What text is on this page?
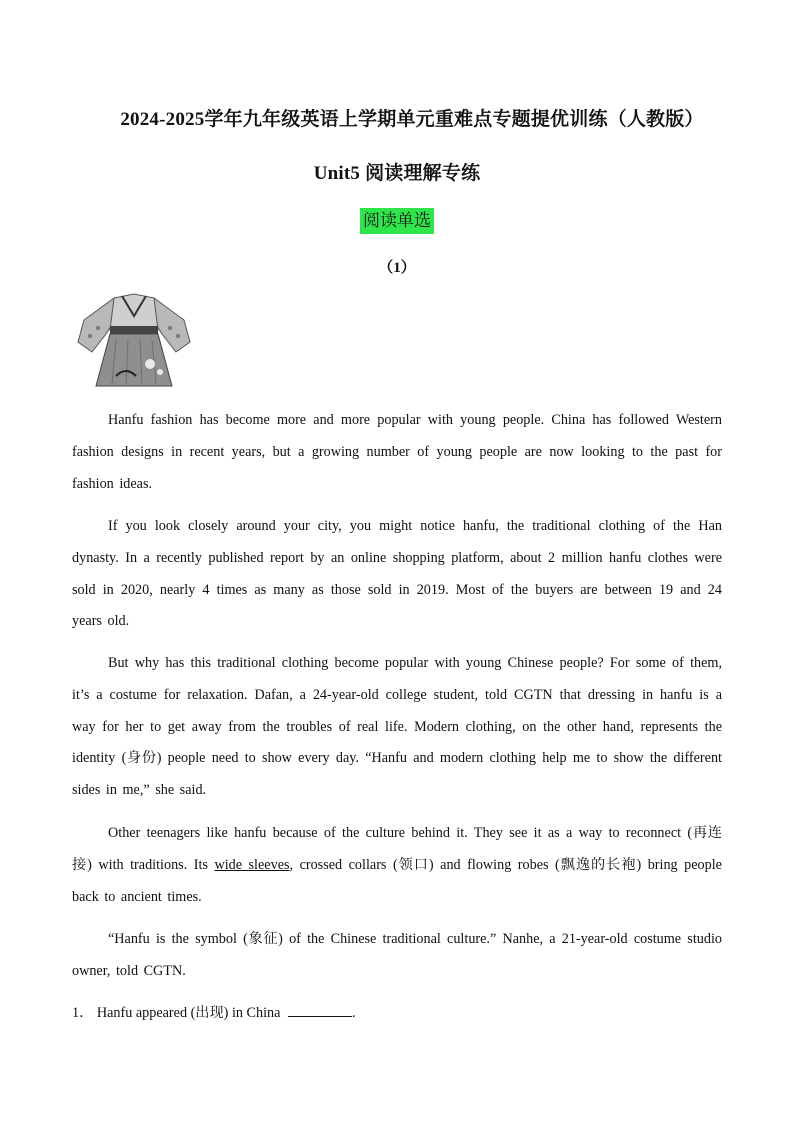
2024-2025学年九年级英语上学期单元重难点专题提优训练（人教版）
Unit5 阅读理解专练
阅读单选
（1）
Hanfu fashion has become more and more popular with young people. China has followed Western fashion designs in recent years, but a growing number of young people are now looking to the past for fashion ideas.
If you look closely around your city, you might notice hanfu, the traditional clothing of the Han dynasty. In a recently published report by an online shopping platform, about 2 million hanfu clothes were sold in 2020, nearly 4 times as many as those sold in 2019. Most of the buyers are between 19 and 24 years old.
But why has this traditional clothing become popular with young Chinese people? For some of them, it’s a costume for relaxation. Dafan, a 24-year-old college student, told CGTN that dressing in hanfu is a way for her to get away from the troubles of real life. Modern clothing, on the other hand, represents the identity (身份) people need to show every day. “Hanfu and modern clothing help me to show the different sides in me,” she said.
Other teenagers like hanfu because of the culture behind it. They see it as a way to reconnect (再连接) with traditions. Its wide sleeves, crossed collars (领口) and flowing robes (飘逸的长袍) bring people back to ancient times.
“Hanfu is the symbol (象征) of the Chinese traditional culture.” Nanhe, a 21-year-old costume studio owner, told CGTN.
1． Hanfu appeared (出现) in China	.
